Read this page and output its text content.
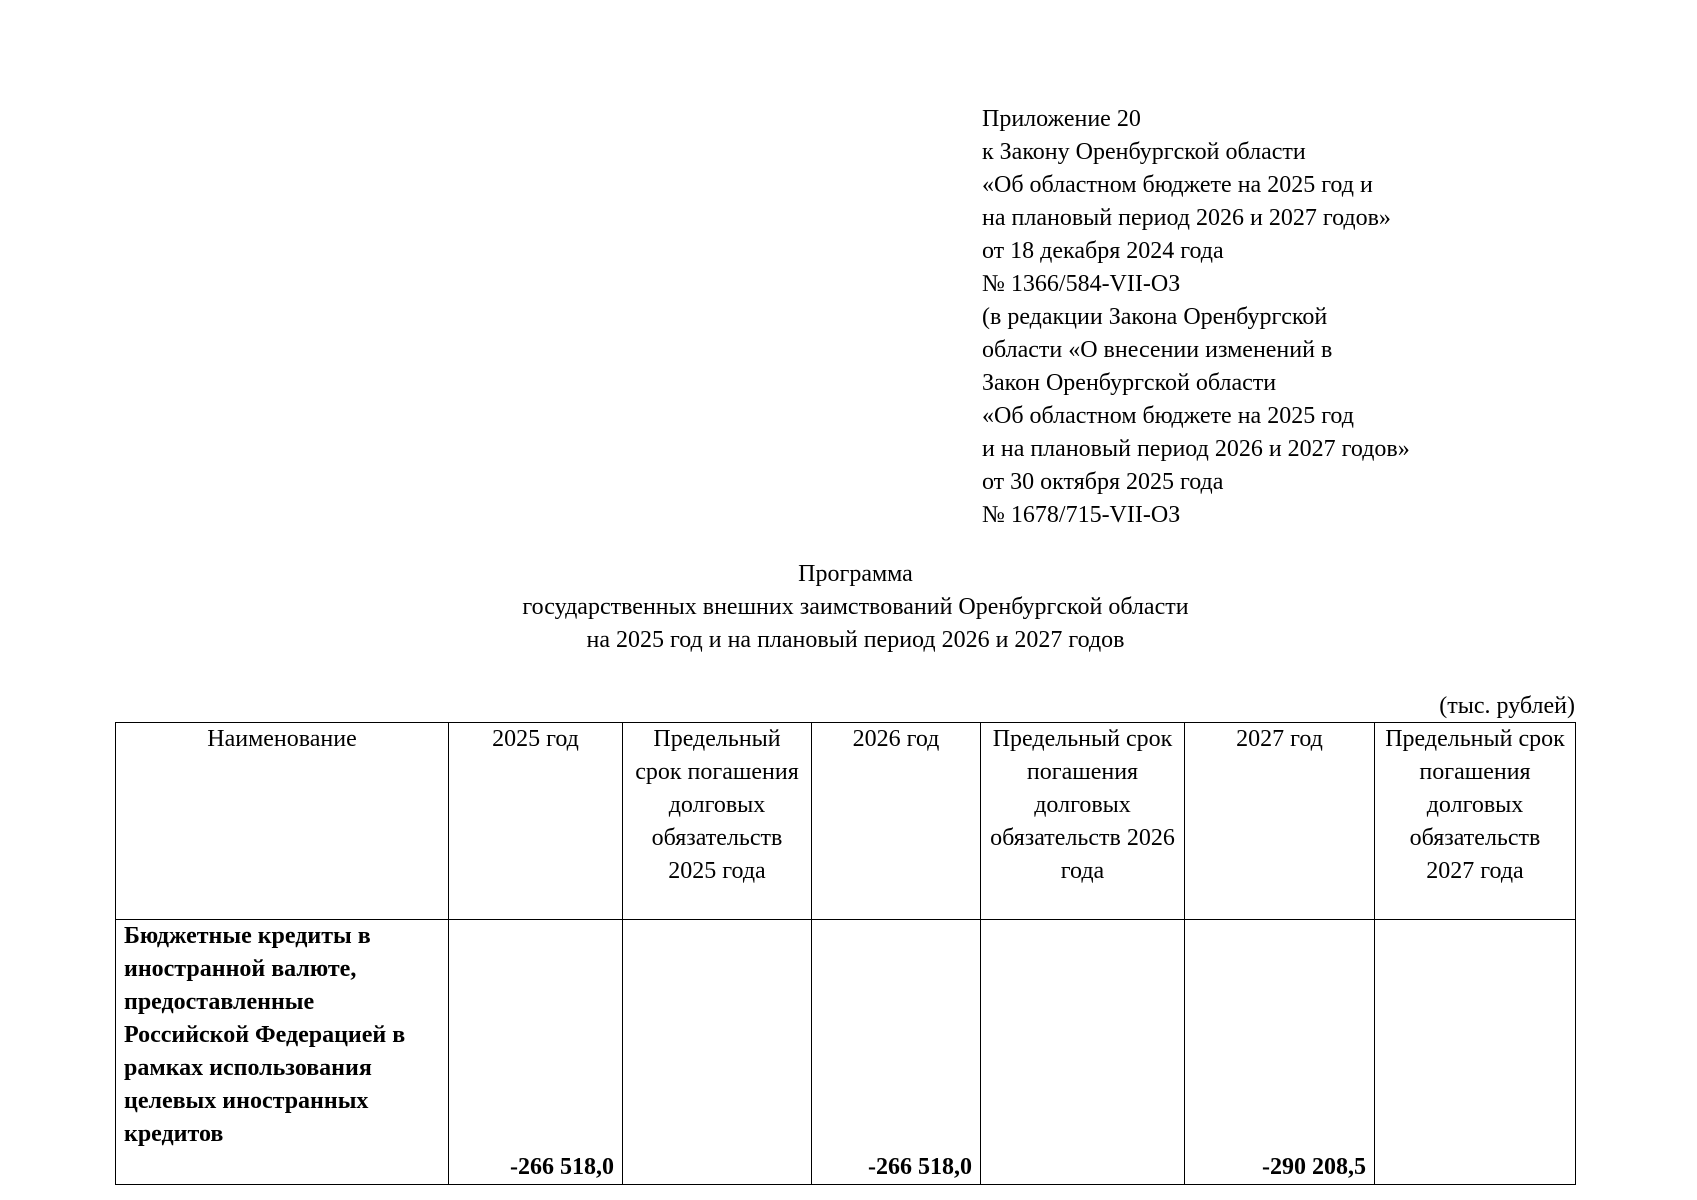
Приложение 20
к Закону Оренбургской области
«Об областном бюджете на 2025 год и
на плановый период 2026 и 2027 годов»
от 18 декабря 2024 года
№ 1366/584-VII-ОЗ
(в редакции Закона Оренбургской
области «О внесении изменений в
Закон Оренбургской области
«Об областном бюджете на 2025 год
и на плановый период 2026 и 2027 годов»
от 30 октября 2025 года
№ 1678/715-VII-ОЗ
Программа
государственных внешних заимствований Оренбургской области
на 2025 год и на плановый период 2026 и 2027 годов
(тыс. рублей)
Наименование	2025 год	Предельный срок погашения долговых обязательств 2025 года	2026 год	Предельный срок погашения долговых обязательств 2026 года	2027 год	Предельный срок погашения долговых обязательств 2027 года
Бюджетные кредиты в иностранной валюте, предоставленные Российской Федерацией в рамках использования целевых иностранных кредитов	-266 518,0		-266 518,0		-290 208,5	
